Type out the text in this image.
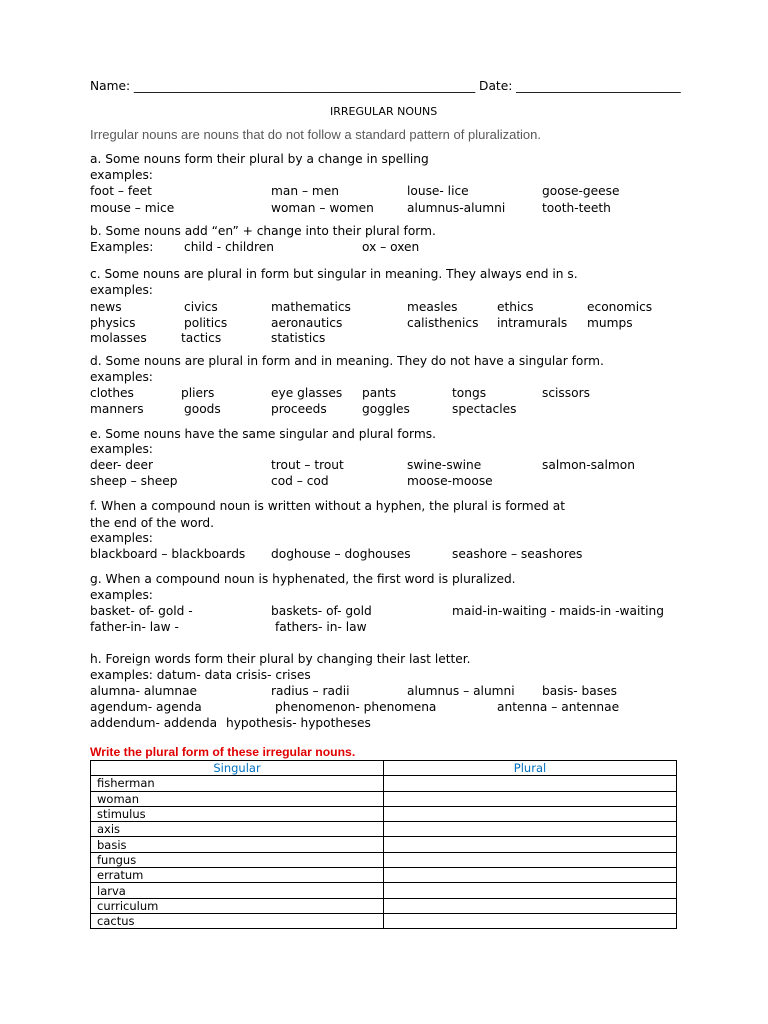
Name: ________________________________________________________ Date: ___________________________
IRREGULAR NOUNS
Irregular nouns are nouns that do not follow a standard pattern of pluralization.
a. Some nouns form their plural by a change in spelling
examples:
foot – feet	man – men	louse- lice	goose-geese
mouse – mice	woman – women	alumnus-alumni	tooth-teeth
b. Some nouns add “en” + change into their plural form.
Examples:	child - children	ox – oxen
c. Some nouns are plural in form but singular in meaning. They always end in s.
examples:
news	civics	mathematics	measles	ethics	economics
physics	politics	aeronautics	calisthenics intramurals mumps
molasses	tactics	statistics
d. Some nouns are plural in form and in meaning. They do not have a singular form.
examples:
clothes	pliers	eye glasses pants	tongs	scissors
manners	goods	proceeds	goggles	spectacles
e. Some nouns have the same singular and plural forms.
examples:
deer- deer	trout – trout	swine-swine	salmon-salmon
sheep – sheep	cod – cod	moose-moose
f. When a compound noun is written without a hyphen, the plural is formed at
the end of the word.
examples:
blackboard – blackboards doghouse – doghouses	seashore – seashores
g. When a compound noun is hyphenated, the first word is pluralized.
examples:
basket- of- gold -	baskets- of- gold	maid-in-waiting - maids-in -waiting
father-in- law -	fathers- in- law
h. Foreign words form their plural by changing their last letter.
examples: datum- data crisis- crises
alumna- alumnae	radius – radii	alumnus – alumni basis- bases
agendum- agenda	phenomenon- phenomena	antenna – antennae
addendum- addenda hypothesis- hypotheses
Write the plural form of these irregular nouns.
Singular	Plural
fisherman	
woman	
stimulus	
axis	
basis	
fungus	
erratum	
larva	
curriculum	
cactus	
